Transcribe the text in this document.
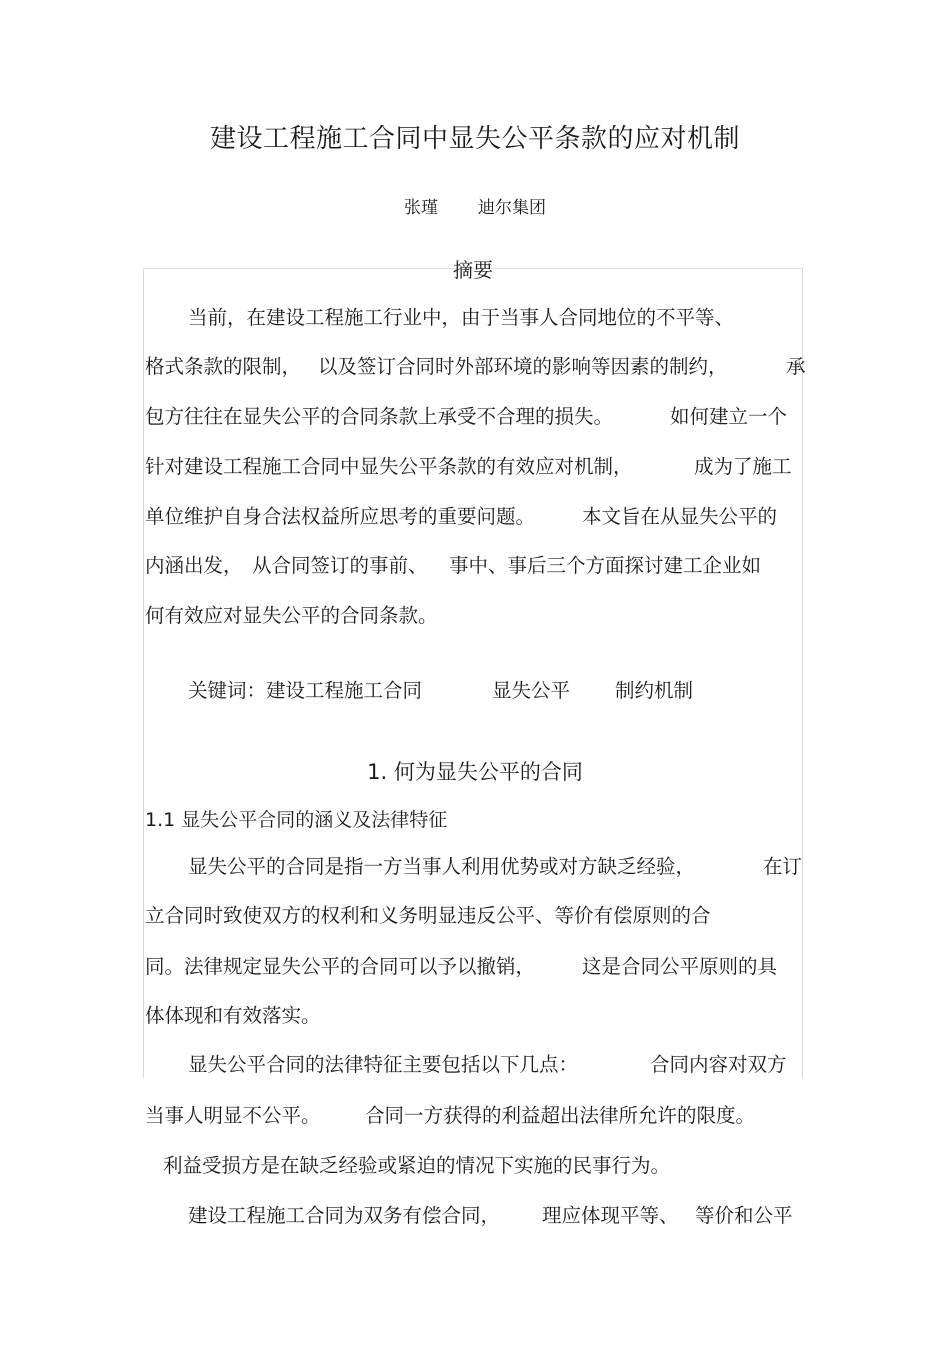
建设工程施工合同中显失公平条款的应对机制
张瑾 迪尔集团
摘要
当前，在建设工程施工行业中，由于当事人合同地位的不平等、
格式条款的限制， 以及签订合同时外部环境的影响等因素的制约，	承
包方往往在显失公平的合同条款上承受不合理的损失。	如何建立一个
针对建设工程施工合同中显失公平条款的有效应对机制，	成为了施工
单位维护自身合法权益所应思考的重要问题。 本文旨在从显失公平的
内涵出发， 从合同签订的事前、 事中、事后三个方面探讨建工企业如
何有效应对显失公平的合同条款。
关键词：建设工程施工合同	显失公平 制约机制
1. 何为显失公平的合同
1.1 显失公平合同的涵义及法律特征
显失公平的合同是指一方当事人利用优势或对方缺乏经验，	在订
立合同时致使双方的权利和义务明显违反公平、等价有偿原则的合
同。法律规定显失公平的合同可以予以撤销， 这是合同公平原则的具
体体现和有效落实。
显失公平合同的法律特征主要包括以下几点：	合同内容对双方
当事人明显不公平。 合同一方获得的利益超出法律所允许的限度。
利益受损方是在缺乏经验或紧迫的情况下实施的民事行为。
建设工程施工合同为双务有偿合同， 理应体现平等、 等价和公平
